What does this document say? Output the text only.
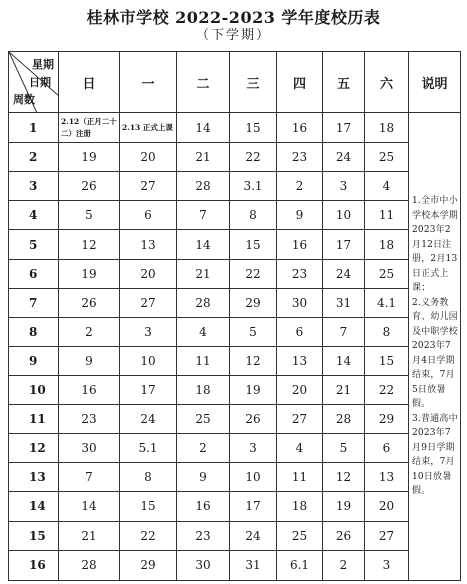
桂林市学校 2022-2023 学年度校历表
（下学期）
星期
日期
周数	日	一	二	三	四	五	六	说明
1	2.12（正月二十二）注册	2.13 正式上课	14	15	16	17	18	1.全市中小学校本学期2023年2月12日注册，2月13日正式上课；
2.义务教育、幼儿园及中职学校2023年7月4日学期结束，7月5日放暑假。
3.普通高中2023年7月9日学期结束，7月10日放暑假。

2	19	20	21	22	23	24	25	
3	26	27	28	3.1	2	3	4	
4	5	6	7	8	9	10	11	
5	12	13	14	15	16	17	18	
6	19	20	21	22	23	24	25	
7	26	27	28	29	30	31	4.1	
8	2	3	4	5	6	7	8	
9	9	10	11	12	13	14	15	
10	16	17	18	19	20	21	22	
11	23	24	25	26	27	28	29	
12	30	5.1	2	3	4	5	6	
13	7	8	9	10	11	12	13	
14	14	15	16	17	18	19	20	
15	21	22	23	24	25	26	27	
16	28	29	30	31	6.1	2	3	
